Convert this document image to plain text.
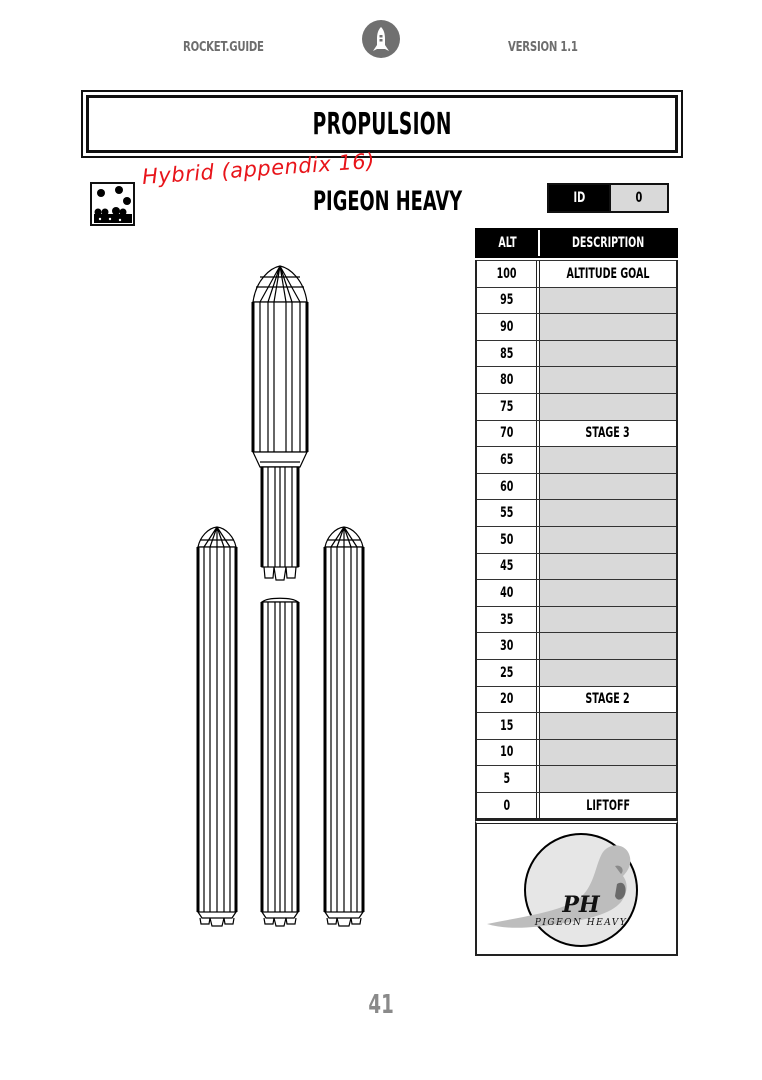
ROCKET.GUIDE	VERSION 1.1
PROPULSION
Hybrid (appendix 16)
PIGEON HEAVY	ID	0
ALT	DESCRIPTION
100	ALTITUDE GOAL
95
90
85
80
75
70	STAGE 3
65
60
55
50
45
40
35
30
25
20	STAGE 2
15
10
5
0	LIFTOFF
PH
PIGEON HEAVY
41
